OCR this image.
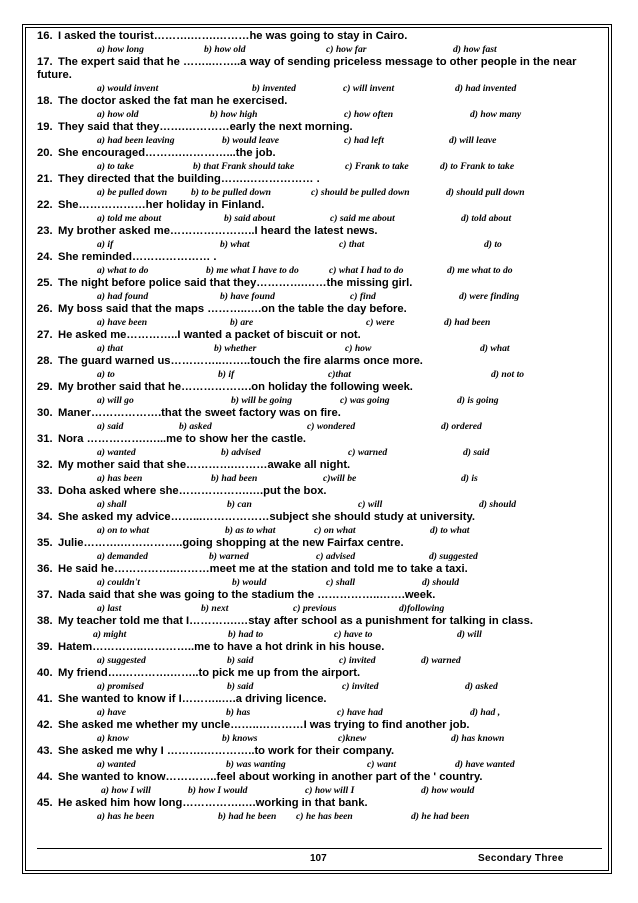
16. I asked the tourist……….…….………he was going to stay in Cairo.
a) how long	b) how old	c) how far	d) how fast
17. The expert said that he ……..……..a way of sending priceless message to other people in the near future.
a) would invent	b) invented	c) will invent	d) had invented
18. The doctor asked the fat man he exercised.
a) how old	b) how high	c) how often	d) how many
19. They said that they…….…………early the next morning.
a) had been leaving	b) would leave	c) had left	d) will leave
20. She encouraged……….…………...the job.
a) to take	b) that Frank should take	c) Frank to take	d) to Frank to take
21. They directed that the building…….……………… .
a) be pulled down b) to be pulled down	c) should be pulled down	d) should pull down
22. She………………her holiday in Finland.
a) told me about	b) said about	c) said me about	d) told about
23. My brother asked me…………………..I heard the latest news.
a) if	b) what	c) that	d) to
24. She reminded………………… .
a) what to do	b) me what I have to do	c) what I had to do	d) me what to do
25. The night before police said that they………….……the missing girl.
a) had found	b) have found	c) find	d) were finding
26. My boss said that the maps ………..….on the table the day before.
a) have been	b) are	c) were	d) had been
27. He asked me…………..I wanted a packet of biscuit or not.
a) that	b) whether	c) how	d) what
28. The guard warned us…………..……..touch the fire alarms once more.
a) to	b) if	c)that	d) not to
29. My brother said that he……………….on holiday the following week.
a) will go	b) will be going	c) was going	d) is going
30. Maner……………….that the sweet factory was on fire.
a) said	b) asked	c) wondered	d) ordered
31. Nora …………….…...me to show her the castle.
a) wanted	b) advised	c) warned	d) said
32. My mother said that she………….………awake all night.
a) has been	b) had been	c)will be	d) is
33. Doha asked where she……………….….put the box.
a) shall	b) can	c) will	d) should
34. She asked my advice……...………………subject she should study at university.
a) on to what	b) as to what	c) on what	d) to what
35. Julie……….……………..going shopping at the new Fairfax centre.
a) demanded	b) warned	c) advised	d) suggested
36. He said he……………..………meet me at the station and told me to take a taxi.
a) couldn't	b) would	c) shall	d) should
37. Nada said that she was going to the stadium the ……………..…….week.
a) last	b) next	c) previous	d)following
38. My teacher told me that I………….…stay after school as a punishment for talking in class.
a) might	b) had to	c) have to	d) will
39. Hatem…………..…………..me to have a hot drink in his house.
a) suggested	b) said	c) invited	d) warned
40. My friend….………….……..to pick me up from the airport.
a) promised	b) said	c) invited	d) asked
41. She wanted to know if I………..….a driving licence.
a) have	b) has	c) have had	d) had ,
42. She asked me whether my uncle……..…………I was trying to find another job.
a) know	b) knows	c)knew	d) has known
43. She asked me why I ……….…………..to work for their company.
a) wanted	b) was wanting	c) want	d) have wanted
44. She wanted to know…………..feel about working in another part of the ' country.
a) how I will	b) how I would	c) how will I	d) how would
45. He asked him how long…………….….working in that bank.
a) has he been	b) had he been c) he has been	d) he had been
107	Secondary Three
